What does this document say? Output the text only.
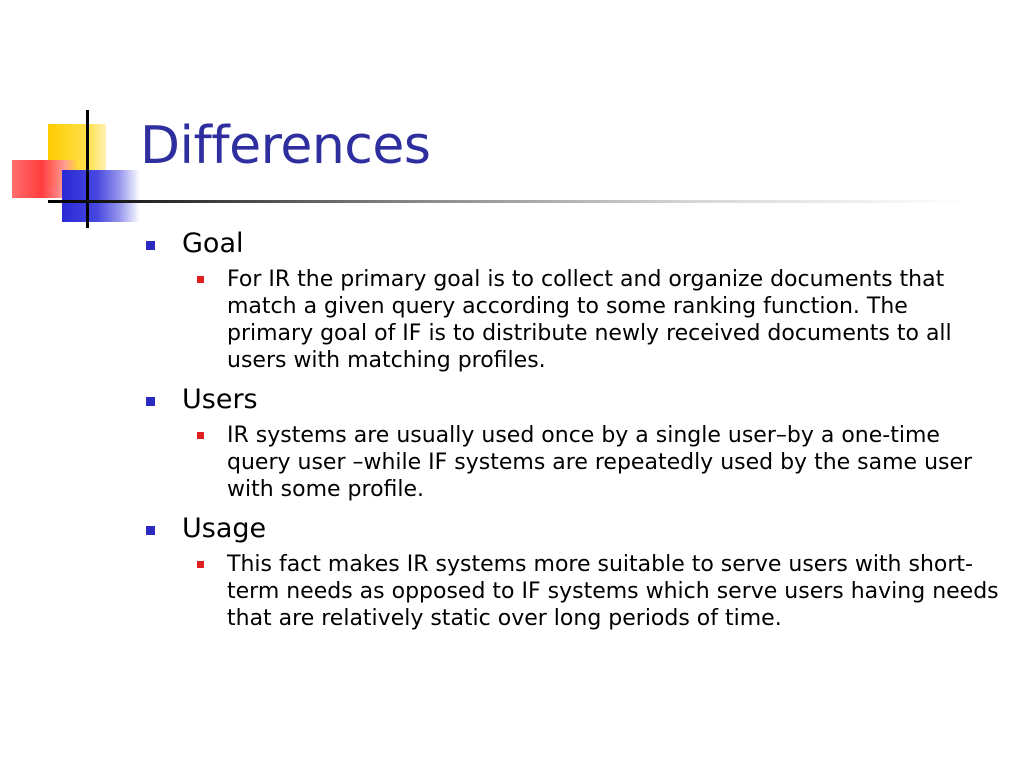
Differences
Goal
For IR the primary goal is to collect and organize documents that match a given query according to some ranking function. The primary goal of IF is to distribute newly received documents to all users with matching profiles.
Users
IR systems are usually used once by a single user–by a one-time query user –while IF systems are repeatedly used by the same user with some profile.
Usage
This fact makes IR systems more suitable to serve users with short-term needs as opposed to IF systems which serve users having needs that are relatively static over long periods of time.
